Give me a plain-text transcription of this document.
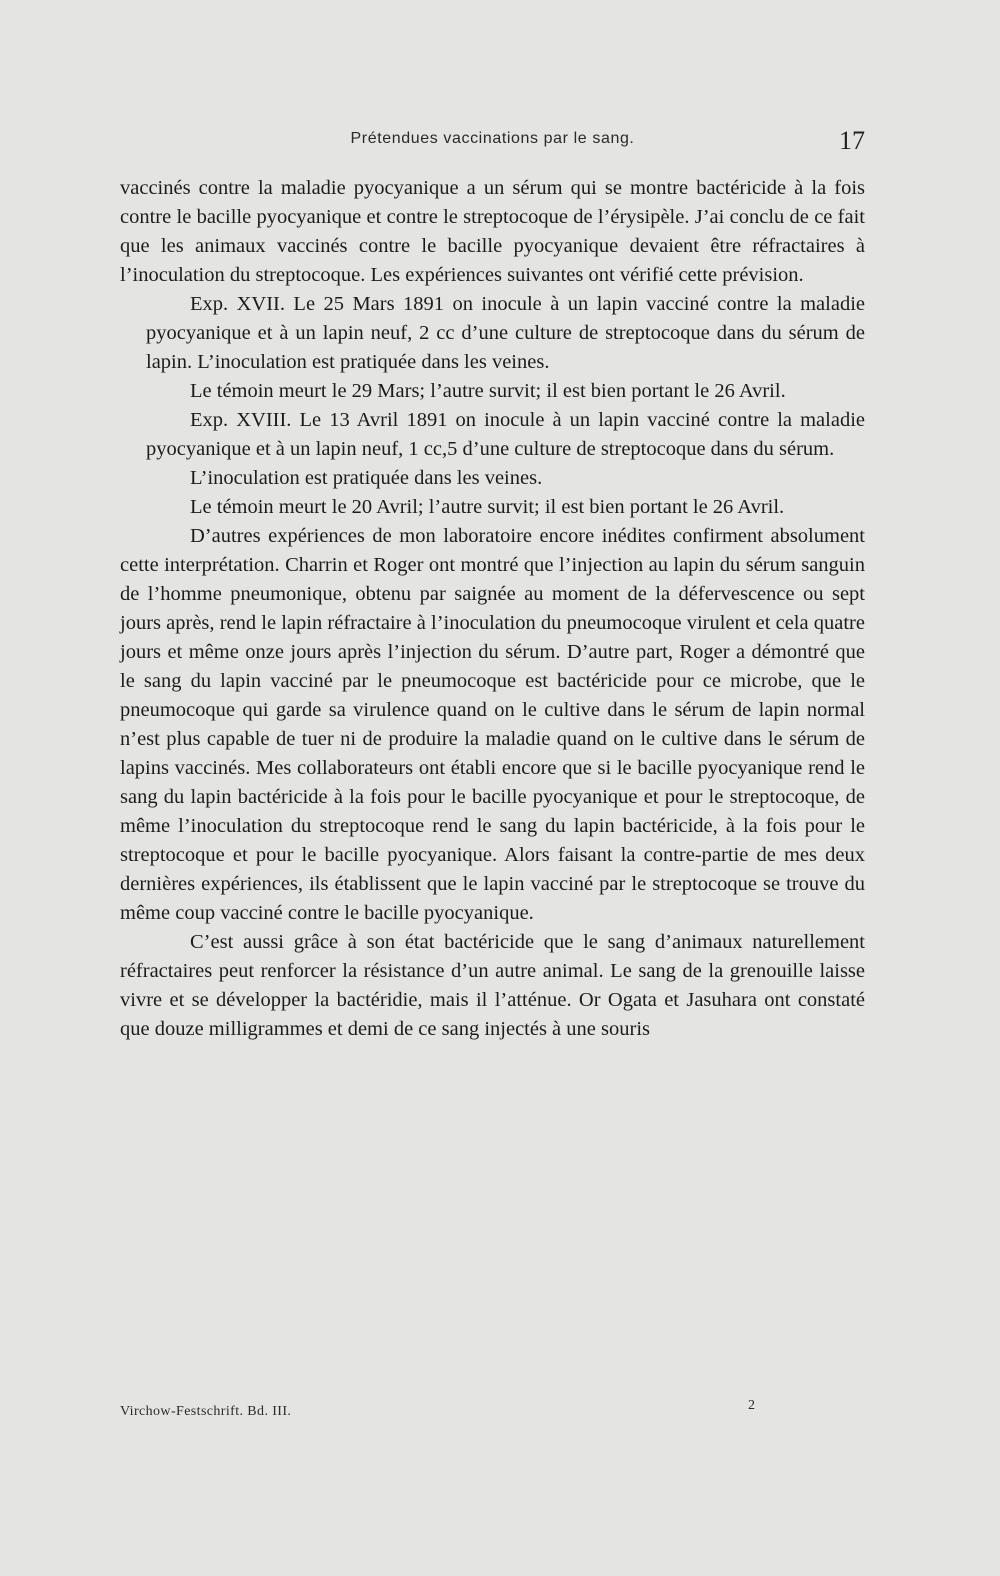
Prétendues vaccinations par le sang.	17

vaccinés contre la maladie pyocyanique a un sérum qui se montre bactéricide à la fois contre le bacille pyocyanique et contre le streptocoque de l’érysipèle. J’ai conclu de ce fait que les animaux vaccinés contre le bacille pyocyanique devaient être réfractaires à l’inoculation du streptocoque. Les expériences suivantes ont vérifié cette prévision.

Exp. XVII. Le 25 Mars 1891 on inocule à un lapin vacciné contre la maladie pyocyanique et à un lapin neuf, 2 cc d’une culture de streptocoque dans du sérum de lapin. L’inoculation est pratiquée dans les veines.

Le témoin meurt le 29 Mars; l’autre survit; il est bien portant le 26 Avril.

Exp. XVIII. Le 13 Avril 1891 on inocule à un lapin vacciné contre la maladie pyocyanique et à un lapin neuf, 1 cc,5 d’une culture de streptocoque dans du sérum.

L’inoculation est pratiquée dans les veines.

Le témoin meurt le 20 Avril; l’autre survit; il est bien portant le 26 Avril.

D’autres expériences de mon laboratoire encore inédites confirment absolument cette interprétation. Charrin et Roger ont montré que l’injection au lapin du sérum sanguin de l’homme pneumonique, obtenu par saignée au moment de la défervescence ou sept jours après, rend le lapin réfractaire à l’inoculation du pneumocoque virulent et cela quatre jours et même onze jours après l’injection du sérum. D’autre part, Roger a démontré que le sang du lapin vacciné par le pneumocoque est bactéricide pour ce microbe, que le pneumocoque qui garde sa virulence quand on le cultive dans le sérum de lapin normal n’est plus capable de tuer ni de produire la maladie quand on le cultive dans le sérum de lapins vaccinés. Mes collaborateurs ont établi encore que si le bacille pyocyanique rend le sang du lapin bactéricide à la fois pour le bacille pyocyanique et pour le streptocoque, de même l’inoculation du streptocoque rend le sang du lapin bactéricide, à la fois pour le streptocoque et pour le bacille pyocyanique. Alors faisant la contre-partie de mes deux dernières expériences, ils établissent que le lapin vacciné par le streptocoque se trouve du même coup vacciné contre le bacille pyocyanique.

C’est aussi grâce à son état bactéricide que le sang d’animaux naturellement réfractaires peut renforcer la résistance d’un autre animal. Le sang de la grenouille laisse vivre et se développer la bactéridie, mais il l’atténue. Or Ogata et Jasuhara ont constaté que douze milligrammes et demi de ce sang injectés à une souris

Virchow-Festschrift. Bd. III.	2
